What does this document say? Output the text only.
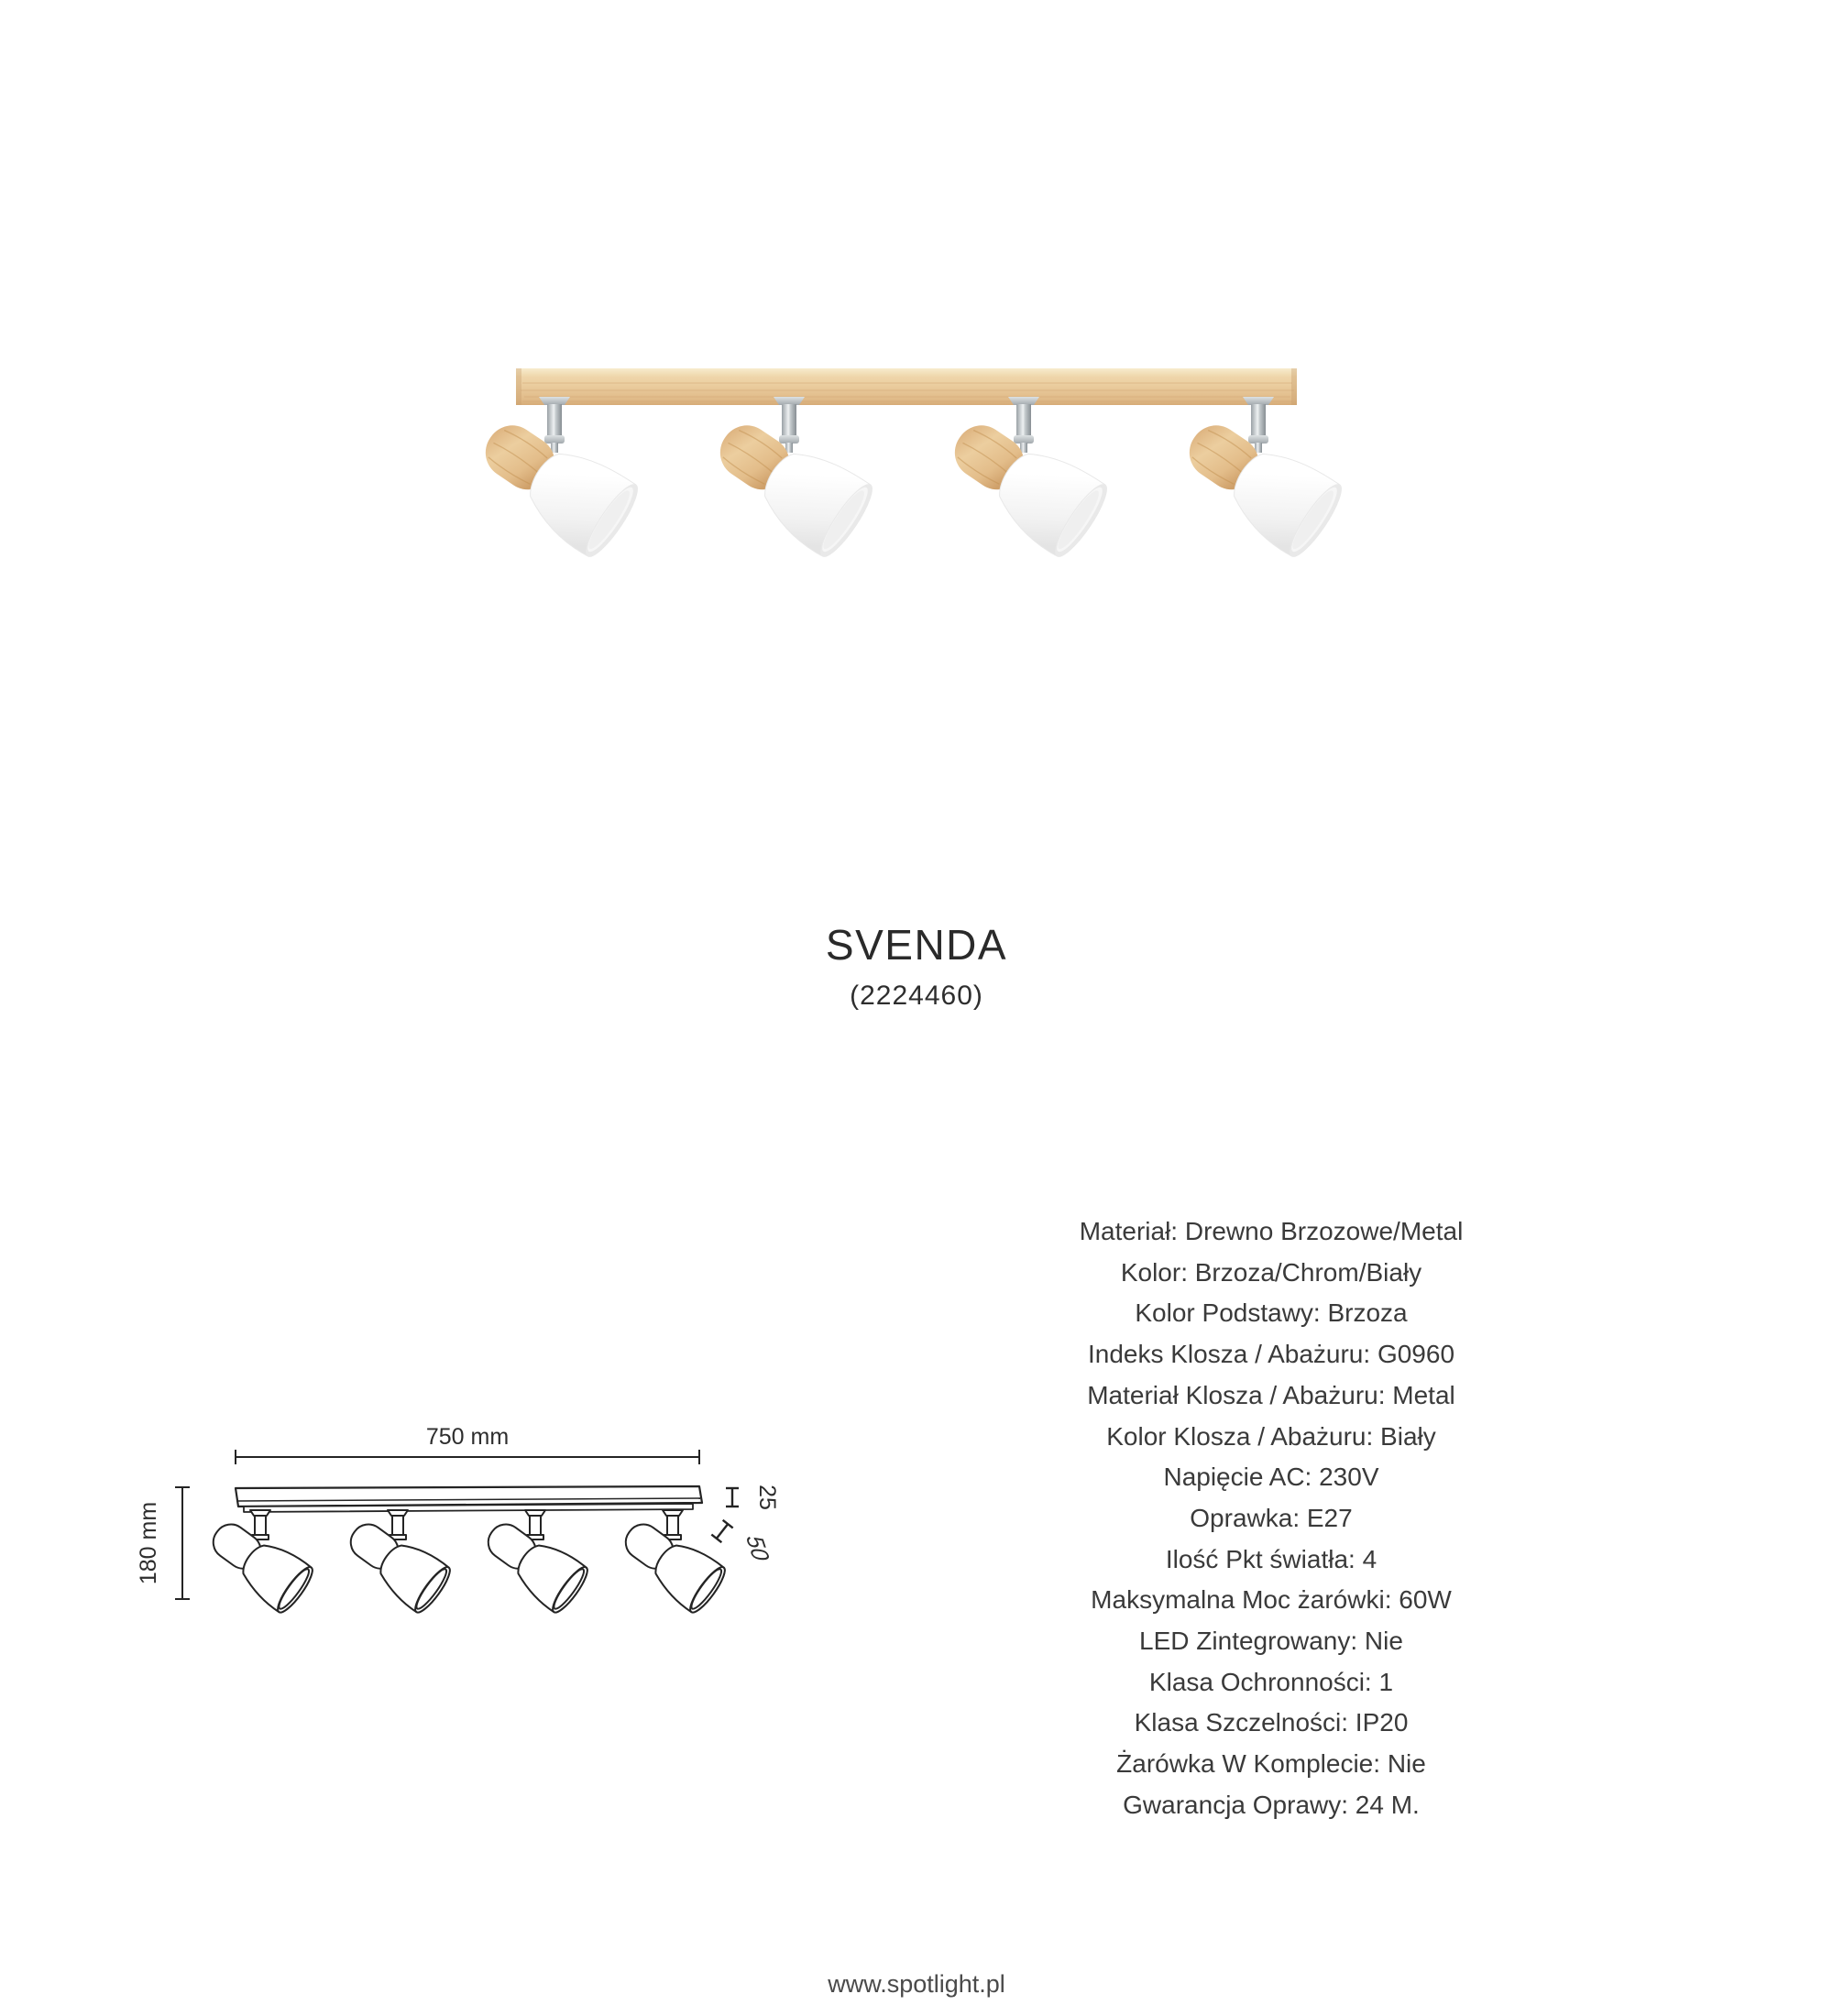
SVENDA
(2224460)
Materiał: Drewno Brzozowe/Metal
Kolor: Brzoza/Chrom/Biały
Kolor Podstawy: Brzoza
Indeks Klosza / Abażuru: G0960
Materiał Klosza / Abażuru: Metal
Kolor Klosza / Abażuru: Biały
Napięcie AC: 230V
Oprawka: E27
Ilość Pkt światła: 4
Maksymalna Moc żarówki: 60W
LED Zintegrowany: Nie
Klasa Ochronności: 1
Klasa Szczelności: IP20
Żarówka W Komplecie: Nie
Gwarancja Oprawy: 24 M.
750 mm
180 mm
25
50
www.spotlight.pl
